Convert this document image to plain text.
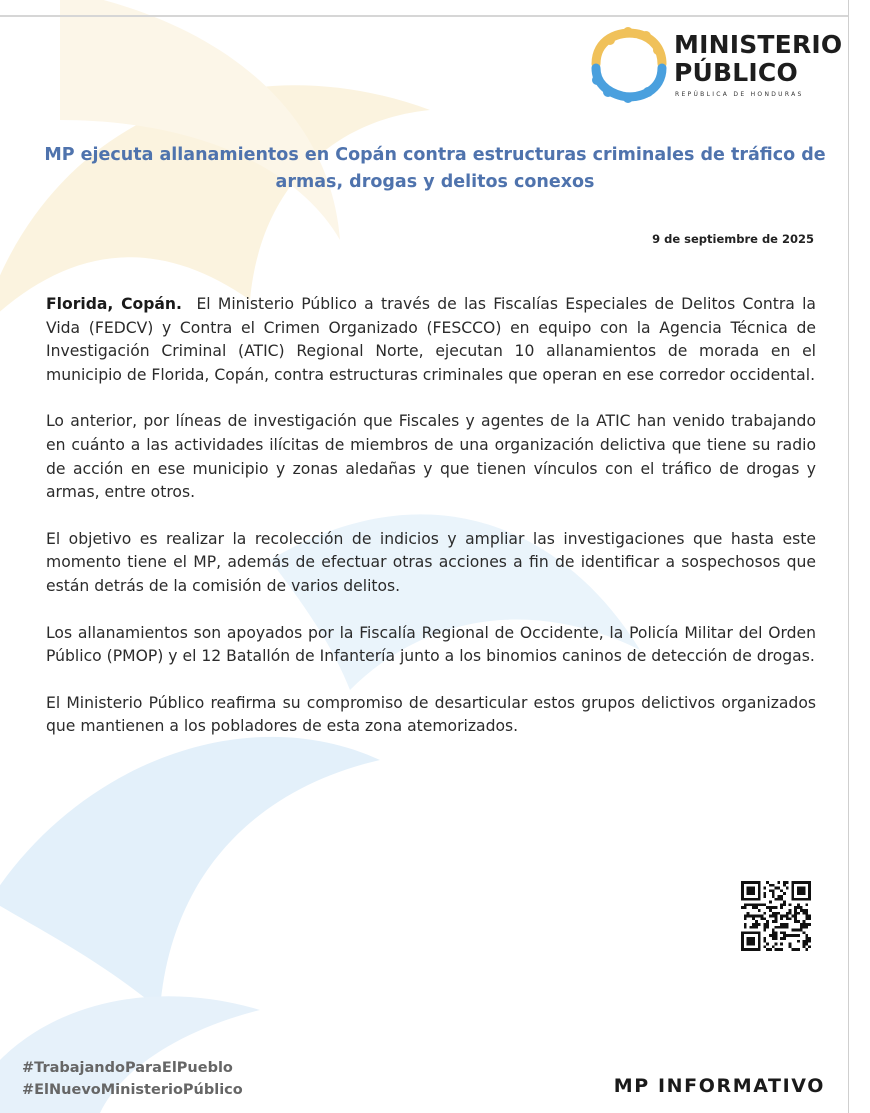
MINISTERIO
PÚBLICO
REPÚBLICA DE HONDURAS
MP ejecuta allanamientos en Copán contra estructuras criminales de tráfico de armas, drogas y delitos conexos
9 de septiembre de 2025

Florida, Copán. El Ministerio Público a través de las Fiscalías Especiales de Delitos Contra la Vida (FEDCV) y Contra el Crimen Organizado (FESCCO) en equipo con la Agencia Técnica de Investigación Criminal (ATIC) Regional Norte, ejecutan 10 allanamientos de morada en el municipio de Florida, Copán, contra estructuras criminales que operan en ese corredor occidental.

Lo anterior, por líneas de investigación que Fiscales y agentes de la ATIC han venido trabajando en cuánto a las actividades ilícitas de miembros de una organización delictiva que tiene su radio de acción en ese municipio y zonas aledañas y que tienen vínculos con el tráfico de drogas y armas, entre otros.

El objetivo es realizar la recolección de indicios y ampliar las investigaciones que hasta este momento tiene el MP, además de efectuar otras acciones a fin de identificar a sospechosos que están detrás de la comisión de varios delitos.

Los allanamientos son apoyados por la Fiscalía Regional de Occidente, la Policía Militar del Orden Público (PMOP) y el 12 Batallón de Infantería junto a los binomios caninos de detección de drogas.

El Ministerio Público reafirma su compromiso de desarticular estos grupos delictivos organizados que mantienen a los pobladores de esta zona atemorizados.

#TrabajandoParaElPueblo
#ElNuevoMinisterioPúblico	MP INFORMATIVO
